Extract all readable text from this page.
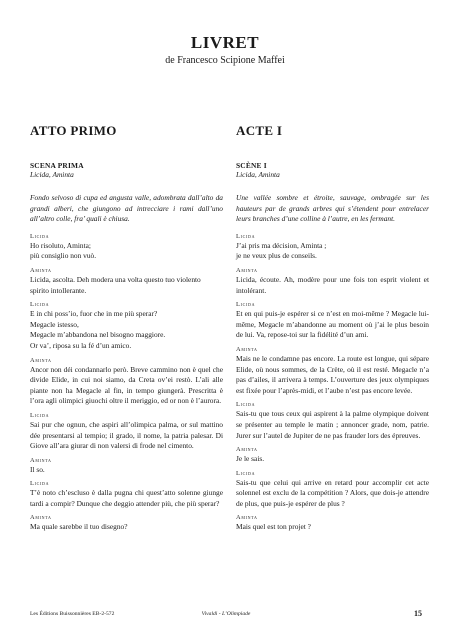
LIVRET
de Francesco Scipione Maffei
ATTO PRIMO
SCENA PRIMA
Licida, Aminta
Fondo selvoso di cupa ed angusta valle, adombrata dall’alto da grandi alberi, che giungono ad intrecciare i rami dall’uno all’altro colle, fra’ quali è chiusa.
Licida
Ho risoluto, Aminta;
più consiglio non vuò.
Aminta
Licida, ascolta. Deh modera una volta questo tuo violento
spirito intollerante.
Licida
E in chi poss’io, fuor che in me più sperar?
Megacle istesso,
Megacle m’abbandona nel bisogno maggiore.
Or va’, riposa su la fé d’un amico.
Aminta
Ancor non déi condannarlo però. Breve cammino non è quel che divide Elide, in cui noi siamo, da Creta ov’ei restò. L’ali alle piante non ha Megacle al fin, in tempo giungerà. Prescritta è l’ora agli olimpici giuochi oltre il meriggio, ed or non è l’aurora.
Licida
Sai pur che ognun, che aspiri all’olimpica palma, or sul mattino dée presentarsi al tempio; il grado, il nome, la patria palesar. Di Giove all’ara giurar di non valersi di frode nel cimento.
Aminta
Il so.
Licida
T’è noto ch’escluso è dalla pugna chi quest’atto solenne giunge tardi a compir? Dunque che deggio attender più, che più sperar?
Aminta
Ma quale sarebbe il tuo disegno?
ACTE I
SCÈNE I
Licida, Aminta
Une vallée sombre et étroite, sauvage, ombragée sur les hauteurs par de grands arbres qui s’étendent pour entrelacer leurs branches d’une colline à l’autre, en les fermant.
Licida
J’ai pris ma décision, Aminta ;
je ne veux plus de conseils.
Aminta
Licida, écoute. Ah, modère pour une fois ton esprit violent et intolérant.
Licida
Et en qui puis-je espérer si ce n’est en moi-même ? Megacle lui-même, Megacle m’abandonne au moment où j’ai le plus besoin de lui. Va, repose-toi sur la fidélité d’un ami.
Aminta
Mais ne le condamne pas encore. La route est longue, qui sépare Elide, où nous sommes, de la Crète, où il est resté. Megacle n’a pas d’ailes, il arrivera à temps. L’ouverture des jeux olympiques est fixée pour l’après-midi, et l’aube n’est pas encore levée.
Licida
Sais-tu que tous ceux qui aspirent à la palme olympique doivent se présenter au temple le matin ; annoncer grade, nom, patrie. Jurer sur l’autel de Jupiter de ne pas frauder lors des épreuves.
Aminta
Je le sais.
Licida
Sais-tu que celui qui arrive en retard pour accomplir cet acte solennel est exclu de la compétition ? Alors, que dois-je attendre de plus, que puis-je espérer de plus ?
Aminta
Mais quel est ton projet ?
Les Éditions Buissonnières EB-2-572	Vivaldi - L’Olimpiade	15
